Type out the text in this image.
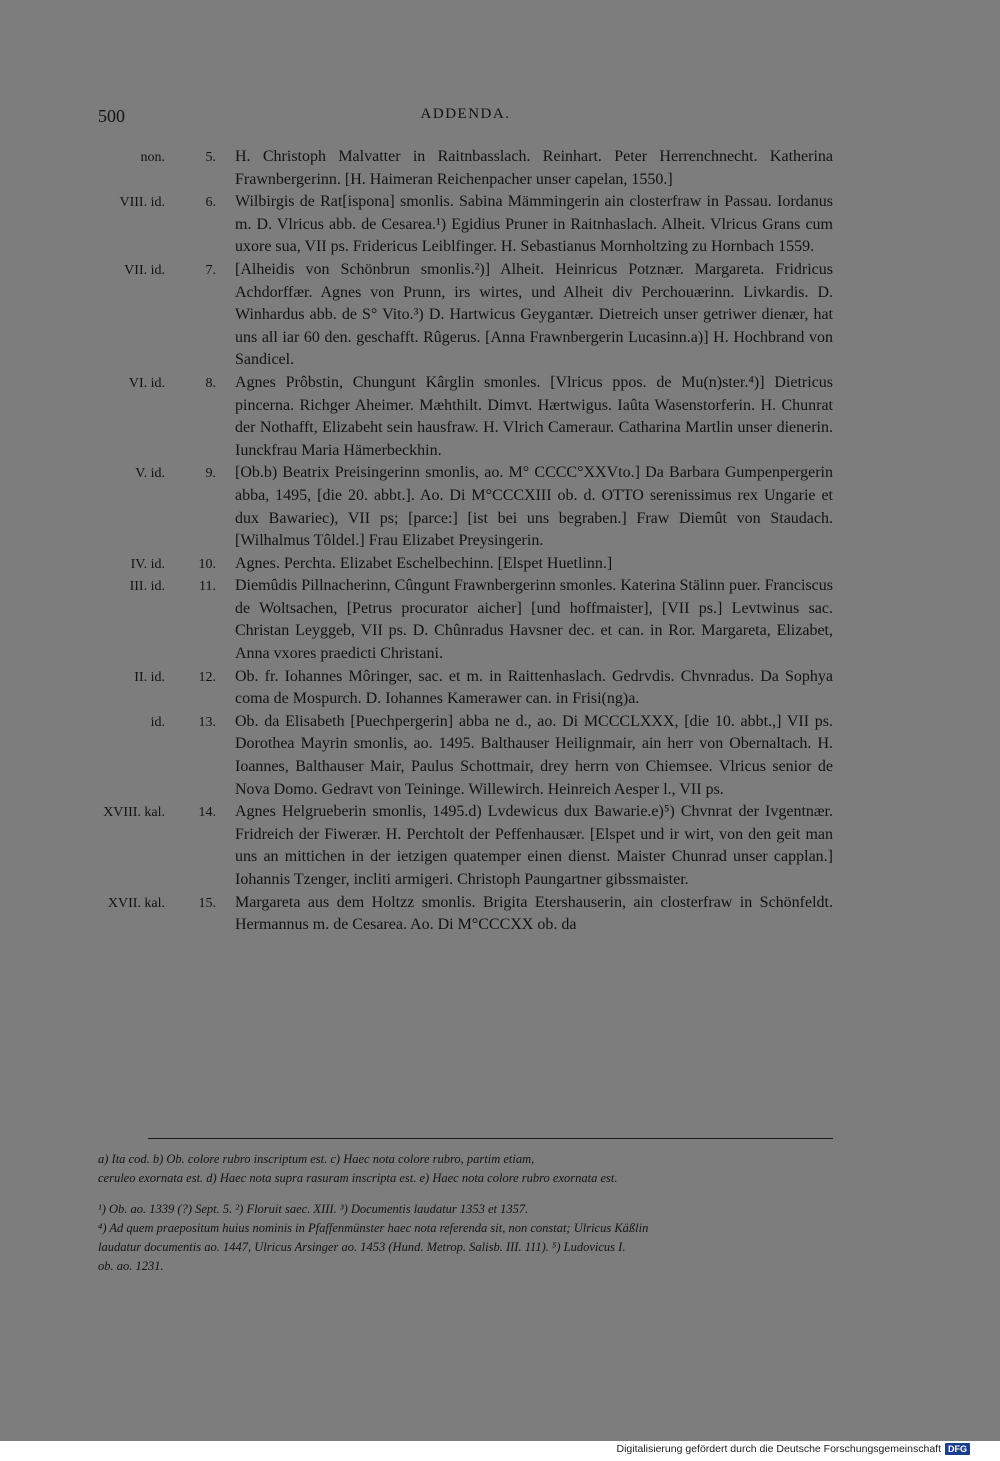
500	ADDENDA.
non.	5. H. Christoph Malvatter in Raitnbasslach. Reinhart. Peter Herrenchnecht. Katherina Frawnbergerinn. [H. Haimeran Reichenpacher unser capelan, 1550.]
VIII. id.	6. Wilbirgis de Rat[ispona] smonlis. Sabina Mämmingerin ain closterfraw in Passau. Iordanus m. D. Vlricus abb. de Cesarea.¹) Egidius Pruner in Raitnhaslach. Alheit. Vlricus Grans cum uxore sua, VII ps. Fridericus Leiblfinger. H. Sebastianus Mornholtzing zu Hornbach 1559.
VII. id.	7. [Alheidis von Schönbrun smonlis.²)] Alheit. Heinricus Potznær. Margareta. Fridricus Achdorffær. Agnes von Prunn, irs wirtes, und Alheit div Perchouærinn. Livkardis. D. Winhardus abb. de S° Vito.³) D. Hartwicus Geygantær. Dietreich unser getriwer dienær, hat uns all iar 60 den. geschafft. Rûgerus. [Anna Frawnbergerin Lucasinn.a)] H. Hochbrand von Sandicel.
VI. id.	8. Agnes Prôbstin, Chungunt Kârglin smonles. [Vlricus ppos. de Mu(n)ster.⁴)] Dietricus pincerna. Richger Aheimer. Mæhthilt. Dimvt. Hærtwigus. Iaûta Wasenstorferin. H. Chunrat der Nothafft, Elizabeht sein hausfraw. H. Vlrich Cameraur. Catharina Martlin unser dienerin. Iunckfrau Maria Hämerbeckhin.
V. id.	9. [Ob.b) Beatrix Preisingerinn smonlis, ao. M° CCCC°XXVto.] Da Barbara Gumpenpergerin abba, 1495, [die 20. abbt.]. Ao. Di M°CCCXIII ob. d. OTTO serenissimus rex Ungarie et dux Bawariec), VII ps; [parce:] [ist bei uns begraben.] Fraw Diemût von Staudach. [Wilhalmus Tôldel.] Frau Elizabet Preysingerin.
IV. id.	10. Agnes. Perchta. Elizabet Eschelbechinn. [Elspet Huetlinn.]
III. id.	11. Diemûdis Pillnacherinn, Cûngunt Frawnbergerinn smonles. Katerina Stälinn puer. Franciscus de Woltsachen, [Petrus procurator aicher] [und hoffmaister], [VII ps.] Levtwinus sac. Christan Leyggeb, VII ps. D. Chûnradus Havsner dec. et can. in Ror. Margareta, Elizabet, Anna vxores praedicti Christani.
II. id.	12. Ob. fr. Iohannes Môringer, sac. et m. in Raittenhaslach. Gedrvdis. Chvnradus. Da Sophya coma de Mospurch. D. Iohannes Kamerawer can. in Frisi(ng)a.
id.	13. Ob. da Elisabeth [Puechpergerin] abba ne d., ao. Di MCCCLXXX, [die 10. abbt.,] VII ps. Dorothea Mayrin smonlis, ao. 1495. Balthauser Heilignmair, ain herr von Obernaltach. H. Ioannes, Balthauser Mair, Paulus Schottmair, drey herrn von Chiemsee. Vlricus senior de Nova Domo. Gedravt von Teininge. Willewirch. Heinreich Aesper l., VII ps.
XVIII. kal.	14. Agnes Helgrueberin smonlis, 1495.d) Lvdewicus dux Bawarie.e)⁵) Chvnrat der Ivgentnær. Fridreich der Fiwerær. H. Perchtolt der Peffenhausær. [Elspet und ir wirt, von den geit man uns an mittichen in der ietzigen quatemper einen dienst. Maister Chunrad unser capplan.] Iohannis Tzenger, incliti armigeri. Christoph Paungartner gibssmaister.
XVII. kal.	15. Margareta aus dem Holtzz smonlis. Brigita Etershauserin, ain closterfraw in Schönfeldt. Hermannus m. de Cesarea. Ao. Di M°CCCXX ob. da
a) Ita cod. b) Ob. colore rubro inscriptum est. c) Haec nota colore rubro, partim etiam,
ceruleo exornata est. d) Haec nota supra rasuram inscripta est. e) Haec nota colore rubro exornata est.
¹) Ob. ao. 1339 (?) Sept. 5. ²) Floruit saec. XIII. ³) Documentis laudatur 1353 et 1357.
⁴) Ad quem praepositum huius nominis in Pfaffenmünster haec nota referenda sit, non constat; Ulricus Käßlin
laudatur documentis ao. 1447, Ulricus Arsinger ao. 1453 (Hund. Metrop. Salisb. III. 111). ⁵) Ludovicus I.
ob. ao. 1231.
Digitalisierung gefördert durch die Deutsche Forschungsgemeinschaft DFG
